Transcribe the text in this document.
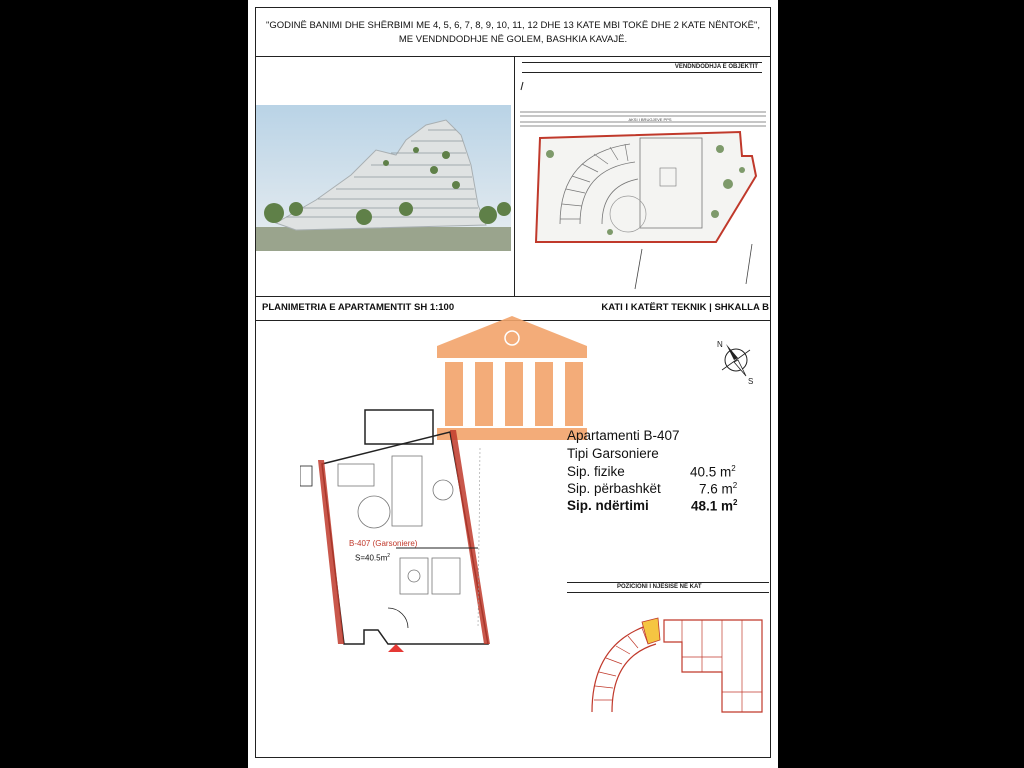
"GODINË BANIMI DHE SHËRBIMI ME 4, 5, 6, 7, 8, 9, 10, 11, 12 DHE 13 KATE MBI TOKË DHE 2 KATE NËNTOKË",
ME VENDNDODHJE NË GOLEM, BASHKIA KAVAJË.
VENDNDODHJA E OBJEKTIT
AKSI I BRUGJEVE PPS
PLANIMETRIA E APARTAMENTIT SH 1:100	KATI I KATËRT TEKNIK | SHKALLA B
N
S
Apartamenti B-407
Tipi Garsoniere
Sip. fizike	40.5 $m^2$
Sip. përbashkët	7.6 $m^2$
Sip. ndërtimi	48.1 $m^2$
B-407 (Garsoniere)
$S=40.5m^2$
POZICIONI I NJËSISË NË KAT
